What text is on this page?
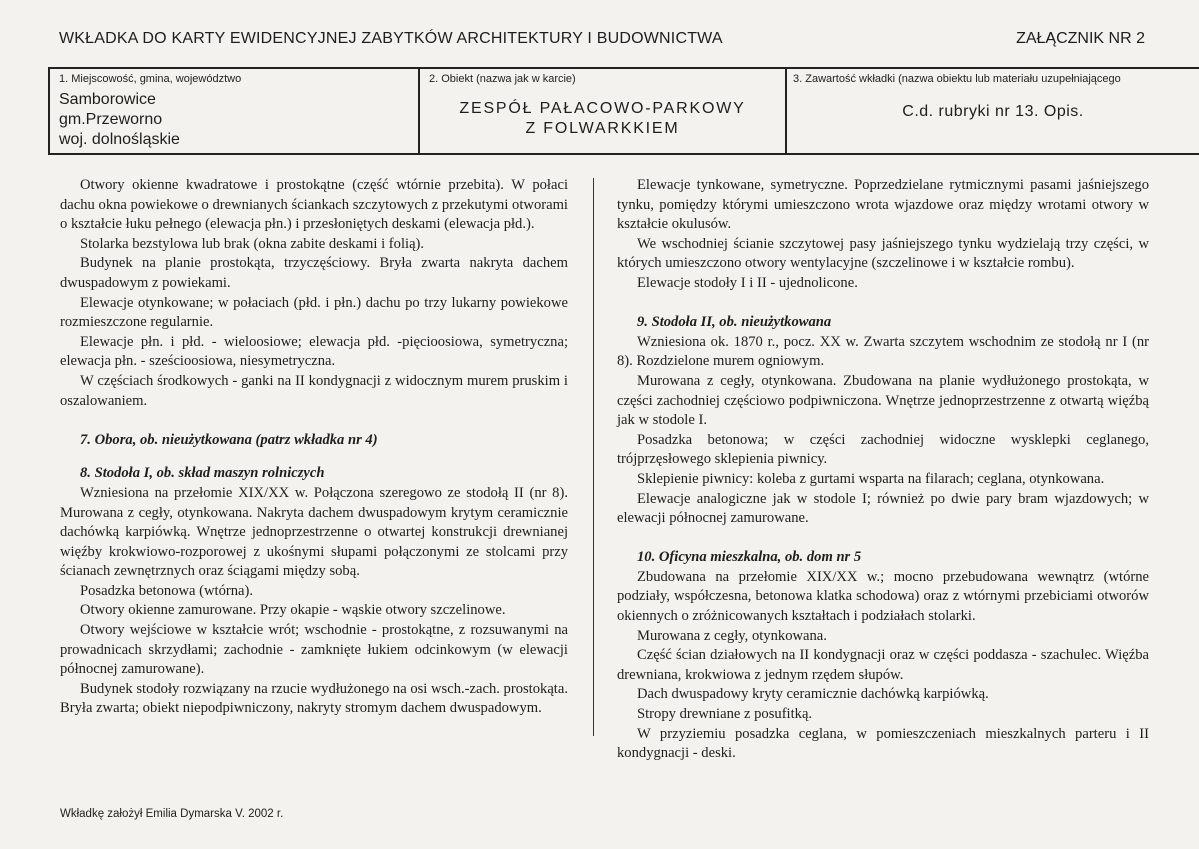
WKŁADKA DO KARTY EWIDENCYJNEJ ZABYTKÓW ARCHITEKTURY I BUDOWNICTWA	ZAŁĄCZNIK NR 2
1. Miejscowość, gmina, województwo
Samborowice
gm.Przeworno
woj. dolnośląskie
2. Obiekt (nazwa jak w karcie)
ZESPÓŁ PAŁACOWO-PARKOWY
Z FOLWARKKIEM
3. Zawartość wkładki (nazwa obiektu lub materiału uzupełniającego
C.d. rubryki nr 13. Opis.

Otwory okienne kwadratowe i prostokątne (część wtórnie przebita). W połaci dachu okna powiekowe o drewnianych ściankach szczytowych z przekutymi otworami o kształcie łuku pełnego (elewacja płn.) i przesłoniętych deskami (elewacja płd.).

Stolarka bezstylowa lub brak (okna zabite deskami i folią).

Budynek na planie prostokąta, trzyczęściowy. Bryła zwarta nakryta dachem dwuspadowym z powiekami.

Elewacje otynkowane; w połaciach (płd. i płn.) dachu po trzy lukarny powiekowe rozmieszczone regularnie.

Elewacje płn. i płd. - wieloosiowe; elewacja płd. -pięcioosiowa, symetryczna; elewacja płn. - sześcioosiowa, niesymetryczna.

W częściach środkowych - ganki na II kondygnacji z widocznym murem pruskim i oszalowaniem.

7. Obora, ob. nieużytkowana (patrz wkładka nr 4)
8. Stodoła I, ob. skład maszyn rolniczych

Wzniesiona na przełomie XIX/XX w. Połączona szeregowo ze stodołą II (nr 8). Murowana z cegły, otynkowana. Nakryta dachem dwuspadowym krytym ceramicznie dachówką karpiówką. Wnętrze jednoprzestrzenne o otwartej konstrukcji drewnianej więźby krokwiowo-rozporowej z ukośnymi słupami połączonymi ze stolcami przy ścianach zewnętrznych oraz ściągami między sobą.

Posadzka betonowa (wtórna).

Otwory okienne zamurowane. Przy okapie - wąskie otwory szczelinowe.

Otwory wejściowe w kształcie wrót; wschodnie - prostokątne, z rozsuwanymi na prowadnicach skrzydłami; zachodnie - zamknięte łukiem odcinkowym (w elewacji północnej zamurowane).

Budynek stodoły rozwiązany na rzucie wydłużonego na osi wsch.-zach. prostokąta. Bryła zwarta; obiekt niepodpiwniczony, nakryty stromym dachem dwuspadowym.

Elewacje tynkowane, symetryczne. Poprzedzielane rytmicznymi pasami jaśniejszego tynku, pomiędzy którymi umieszczono wrota wjazdowe oraz między wrotami otwory w kształcie okulusów.

We wschodniej ścianie szczytowej pasy jaśniejszego tynku wydzielają trzy części, w których umieszczono otwory wentylacyjne (szczelinowe i w kształcie rombu).

Elewacje stodoły I i II - ujednolicone.

9. Stodoła II, ob. nieużytkowana

Wzniesiona ok. 1870 r., pocz. XX w. Zwarta szczytem wschodnim ze stodołą nr I (nr 8). Rozdzielone murem ogniowym.

Murowana z cegły, otynkowana. Zbudowana na planie wydłużonego prostokąta, w części zachodniej częściowo podpiwniczona. Wnętrze jednoprzestrzenne z otwartą więźbą jak w stodole I.

Posadzka betonowa; w części zachodniej widoczne wysklepki ceglanego, trójprzęsłowego sklepienia piwnicy.

Sklepienie piwnicy: koleba z gurtami wsparta na filarach; ceglana, otynkowana.

Elewacje analogiczne jak w stodole I; również po dwie pary bram wjazdowych; w elewacji północnej zamurowane.

10. Oficyna mieszkalna, ob. dom nr 5

Zbudowana na przełomie XIX/XX w.; mocno przebudowana wewnątrz (wtórne podziały, współczesna, betonowa klatka schodowa) oraz z wtórnymi przebiciami otworów okiennych o zróżnicowanych kształtach i podziałach stolarki.

Murowana z cegły, otynkowana.

Część ścian działowych na II kondygnacji oraz w części poddasza - szachulec. Więźba drewniana, krokwiowa z jednym rzędem słupów.

Dach dwuspadowy kryty ceramicznie dachówką karpiówką.

Stropy drewniane z posufitką.

W przyziemiu posadzka ceglana, w pomieszczeniach mieszkalnych parteru i II kondygnacji - deski.

Wkładkę założył Emilia Dymarska V. 2002 r.
